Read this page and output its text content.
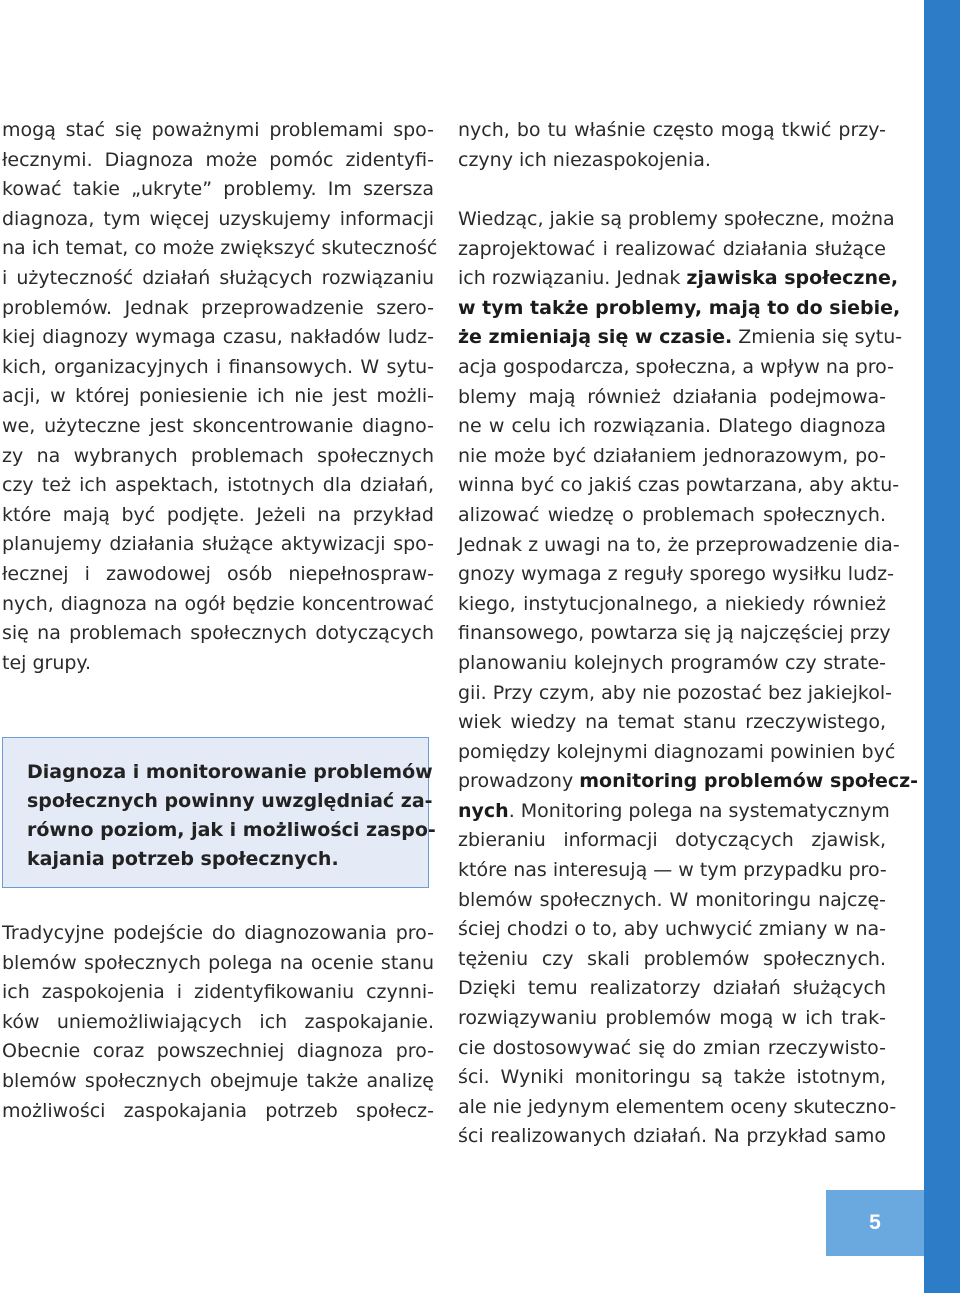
mogą stać się poważnymi problemami spo-
łecznymi. Diagnoza może pomóc zidentyfi-
kować takie „ukryte” problemy. Im szersza
diagnoza, tym więcej uzyskujemy informacji
na ich temat, co może zwiększyć skuteczność
i użyteczność działań służących rozwiązaniu
problemów. Jednak przeprowadzenie szero-
kiej diagnozy wymaga czasu, nakładów ludz-
kich, organizacyjnych i finansowych. W sytu-
acji, w której poniesienie ich nie jest możli-
we, użyteczne jest skoncentrowanie diagno-
zy na wybranych problemach społecznych
czy też ich aspektach, istotnych dla działań,
które mają być podjęte. Jeżeli na przykład
planujemy działania służące aktywizacji spo-
łecznej i zawodowej osób niepełnospraw-
nych, diagnoza na ogół będzie koncentrować
się na problemach społecznych dotyczących
tej grupy.

Diagnoza i monitorowanie problemów
społecznych powinny uwzględniać za-
równo poziom, jak i możliwości zaspo-
kajania potrzeb społecznych.

Tradycyjne podejście do diagnozowania pro-
blemów społecznych polega na ocenie stanu
ich zaspokojenia i zidentyfikowaniu czynni-
ków uniemożliwiających ich zaspokajanie.
Obecnie coraz powszechniej diagnoza pro-
blemów społecznych obejmuje także analizę
możliwości zaspokajania potrzeb społecz-

nych, bo tu właśnie często mogą tkwić przy-
czyny ich niezaspokojenia.

Wiedząc, jakie są problemy społeczne, można
zaprojektować i realizować działania służące
ich rozwiązaniu. Jednak zjawiska społeczne,
w tym także problemy, mają to do siebie,
że zmieniają się w czasie. Zmienia się sytu-
acja gospodarcza, społeczna, a wpływ na pro-
blemy mają również działania podejmowa-
ne w celu ich rozwiązania. Dlatego diagnoza
nie może być działaniem jednorazowym, po-
winna być co jakiś czas powtarzana, aby aktu-
alizować wiedzę o problemach społecznych.
Jednak z uwagi na to, że przeprowadzenie dia-
gnozy wymaga z reguły sporego wysiłku ludz-
kiego, instytucjonalnego, a niekiedy również
finansowego, powtarza się ją najczęściej przy
planowaniu kolejnych programów czy strate-
gii. Przy czym, aby nie pozostać bez jakiejkol-
wiek wiedzy na temat stanu rzeczywistego,
pomiędzy kolejnymi diagnozami powinien być
prowadzony monitoring problemów społecz-
nych. Monitoring polega na systematycznym
zbieraniu informacji dotyczących zjawisk,
które nas interesują — w tym przypadku pro-
blemów społecznych. W monitoringu najczę-
ściej chodzi o to, aby uchwycić zmiany w na-
tężeniu czy skali problemów społecznych.
Dzięki temu realizatorzy działań służących
rozwiązywaniu problemów mogą w ich trak-
cie dostosowywać się do zmian rzeczywisto-
ści. Wyniki monitoringu są także istotnym,
ale nie jedynym elementem oceny skuteczno-
ści realizowanych działań. Na przykład samo

5
